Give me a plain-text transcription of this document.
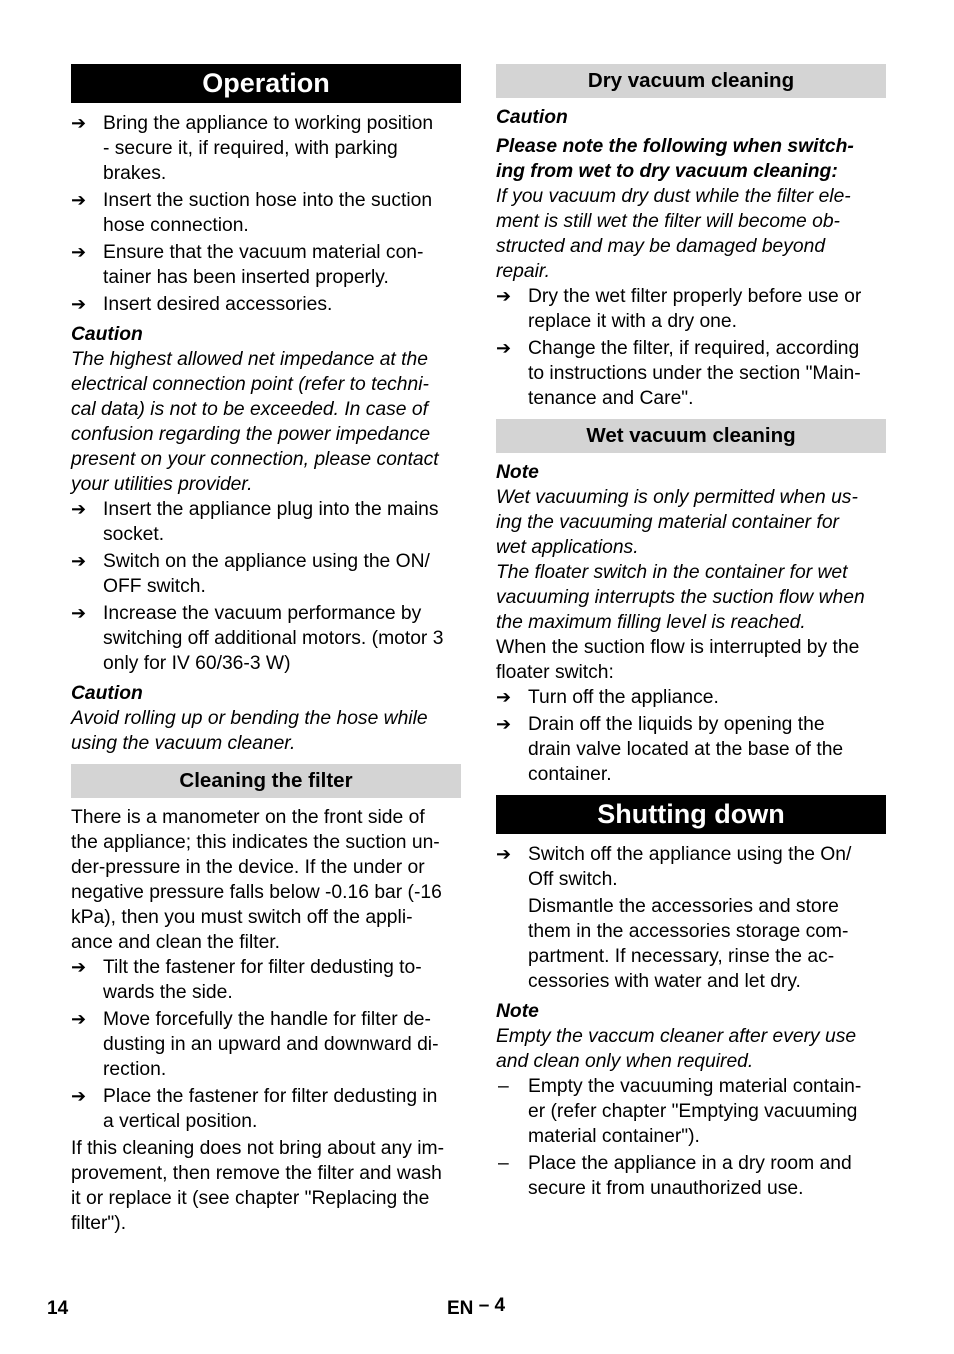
Operation
➔ Bring the appliance to working position
- secure it, if required, with parking
brakes.
➔ Insert the suction hose into the suction
hose connection.
➔ Ensure that the vacuum material con-
tainer has been inserted properly.
➔ Insert desired accessories.
Caution
The highest allowed net impedance at the
electrical connection point (refer to techni-
cal data) is not to be exceeded. In case of
confusion regarding the power impedance
present on your connection, please contact
your utilities provider.
➔ Insert the appliance plug into the mains
socket.
➔ Switch on the appliance using the ON/
OFF switch.
➔ Increase the vacuum performance by
switching off additional motors. (motor 3
only for IV 60/36-3 W)
Caution
Avoid rolling up or bending the hose while
using the vacuum cleaner.
Cleaning the filter
There is a manometer on the front side of
the appliance; this indicates the suction un-
der-pressure in the device. If the under or
negative pressure falls below -0.16 bar (-16
kPa), then you must switch off the appli-
ance and clean the filter.
➔ Tilt the fastener for filter dedusting to-
wards the side.
➔ Move forcefully the handle for filter de-
dusting in an upward and downward di-
rection.
➔ Place the fastener for filter dedusting in
a vertical position.
If this cleaning does not bring about any im-
provement, then remove the filter and wash
it or replace it (see chapter "Replacing the
filter").
Dry vacuum cleaning
Caution
Please note the following when switch-
ing from wet to dry vacuum cleaning:
If you vacuum dry dust while the filter ele-
ment is still wet the filter will become ob-
structed and may be damaged beyond
repair.
➔ Dry the wet filter properly before use or
replace it with a dry one.
➔ Change the filter, if required, according
to instructions under the section "Main-
tenance and Care".
Wet vacuum cleaning
Note
Wet vacuuming is only permitted when us-
ing the vacuuming material container for
wet applications.
The floater switch in the container for wet
vacuuming interrupts the suction flow when
the maximum filling level is reached.
When the suction flow is interrupted by the
floater switch:
➔ Turn off the appliance.
➔ Drain off the liquids by opening the
drain valve located at the base of the
container.
Shutting down
➔ Switch off the appliance using the On/
Off switch.
Dismantle the accessories and store
them in the accessories storage com-
partment. If necessary, rinse the ac-
cessories with water and let dry.
Note
Empty the vaccum cleaner after every use
and clean only when required.
– Empty the vacuuming material contain-
er (refer chapter "Emptying vacuuming
material container").
– Place the appliance in a dry room and
secure it from unauthorized use.
14	EN – 4
